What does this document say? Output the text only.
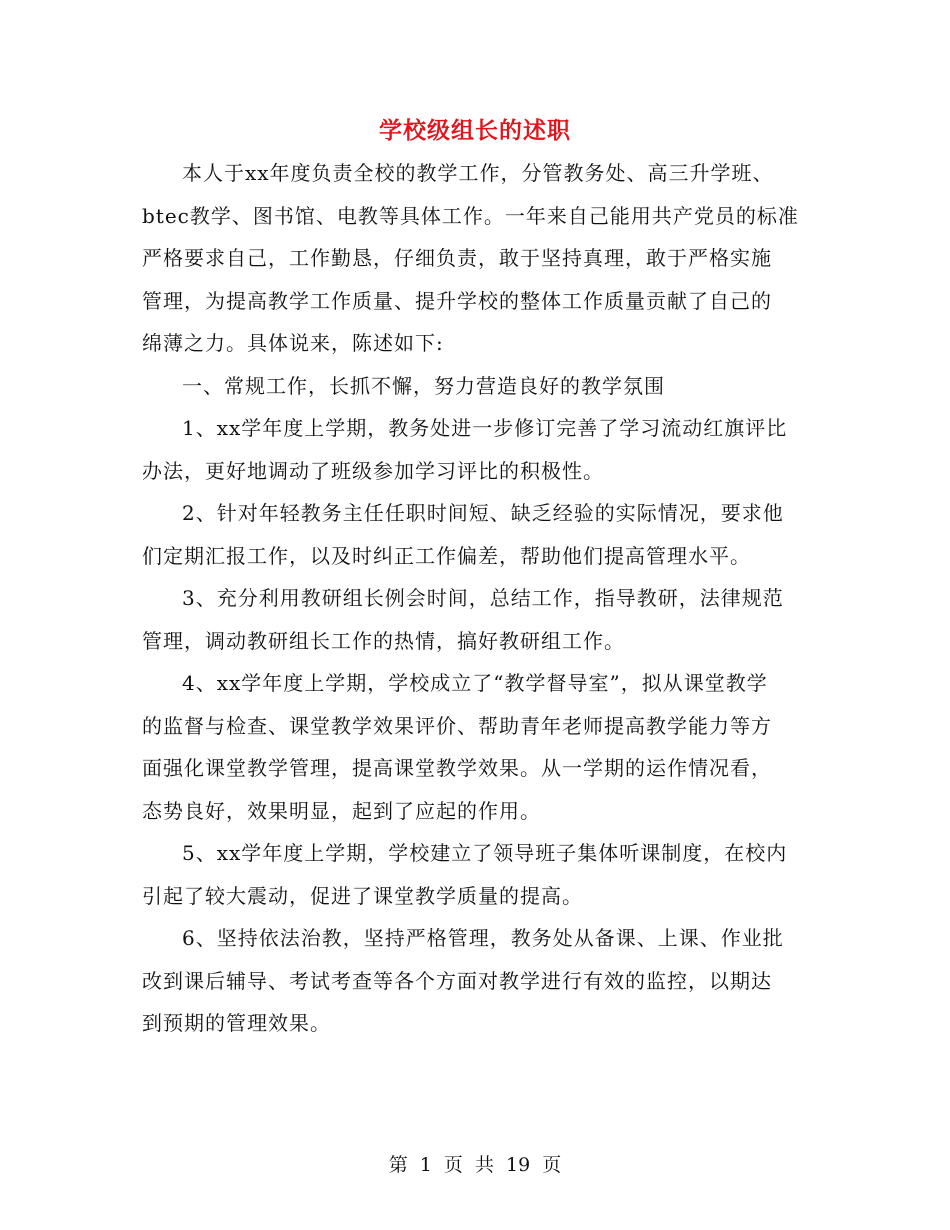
学校级组长的述职

本人于xx年度负责全校的教学工作，分管教务处、高三升学班、
btec教学、图书馆、电教等具体工作。一年来自己能用共产党员的标准
严格要求自己，工作勤恳，仔细负责，敢于坚持真理，敢于严格实施
管理，为提高教学工作质量、提升学校的整体工作质量贡献了自己的
绵薄之力。具体说来，陈述如下:

一、常规工作，长抓不懈，努力营造良好的教学氛围

1、xx学年度上学期，教务处进一步修订完善了学习流动红旗评比
办法，更好地调动了班级参加学习评比的积极性。

2、针对年轻教务主任任职时间短、缺乏经验的实际情况，要求他
们定期汇报工作，以及时纠正工作偏差，帮助他们提高管理水平。

3、充分利用教研组长例会时间，总结工作，指导教研，法律规范
管理，调动教研组长工作的热情，搞好教研组工作。

4、xx学年度上学期，学校成立了“教学督导室”，拟从课堂教学
的监督与检查、课堂教学效果评价、帮助青年老师提高教学能力等方
面强化课堂教学管理，提高课堂教学效果。从一学期的运作情况看，
态势良好，效果明显，起到了应起的作用。

5、xx学年度上学期，学校建立了领导班子集体听课制度，在校内
引起了较大震动，促进了课堂教学质量的提高。

6、坚持依法治教，坚持严格管理，教务处从备课、上课、作业批
改到课后辅导、考试考查等各个方面对教学进行有效的监控，以期达
到预期的管理效果。

第 1 页 共 19 页
